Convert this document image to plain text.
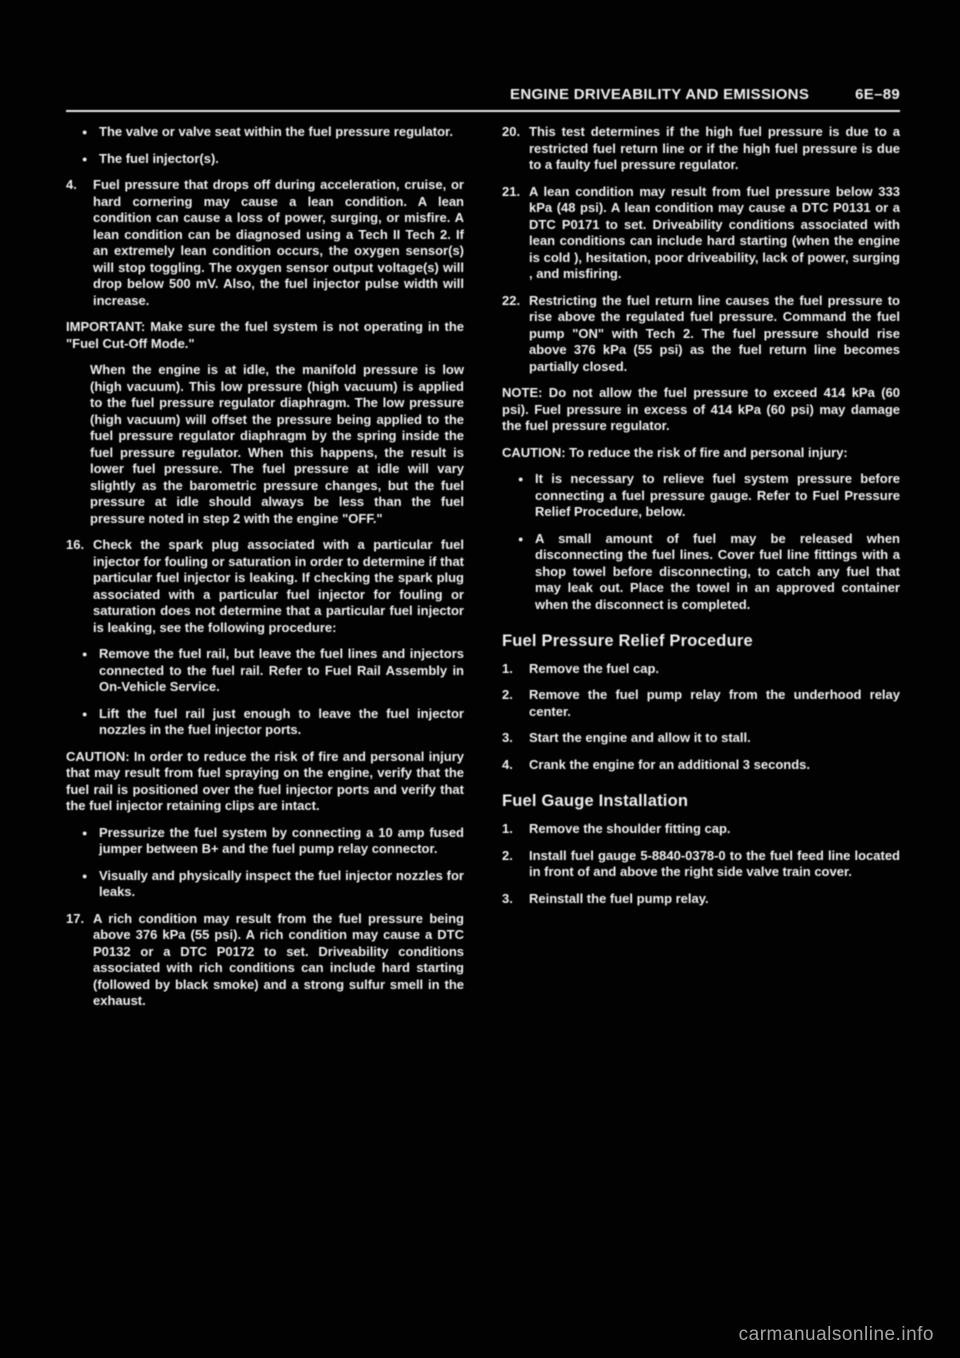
ENGINE DRIVEABILITY AND EMISSIONS	6E–89
● The valve or valve seat within the fuel pressure regulator.
● The fuel injector(s).
4.	Fuel pressure that drops off during acceleration, cruise, or hard cornering may cause a lean condition. A lean condition can cause a loss of power, surging, or misfire. A lean condition can be diagnosed using a Tech II Tech 2. If an extremely lean condition occurs, the oxygen sensor(s) will stop toggling. The oxygen sensor output voltage(s) will drop below 500 mV. Also, the fuel injector pulse width will increase.
IMPORTANT: Make sure the fuel system is not operating in the "Fuel Cut-Off Mode."
When the engine is at idle, the manifold pressure is low (high vacuum). This low pressure (high vacuum) is applied to the fuel pressure regulator diaphragm. The low pressure (high vacuum) will offset the pressure being applied to the fuel pressure regulator diaphragm by the spring inside the fuel pressure regulator. When this happens, the result is lower fuel pressure. The fuel pressure at idle will vary slightly as the barometric pressure changes, but the fuel pressure at idle should always be less than the fuel pressure noted in step 2 with the engine "OFF."
16. Check the spark plug associated with a particular fuel injector for fouling or saturation in order to determine if that particular fuel injector is leaking. If checking the spark plug associated with a particular fuel injector for fouling or saturation does not determine that a particular fuel injector is leaking, see the following procedure:
● Remove the fuel rail, but leave the fuel lines and injectors connected to the fuel rail. Refer to Fuel Rail Assembly in On-Vehicle Service.
● Lift the fuel rail just enough to leave the fuel injector nozzles in the fuel injector ports.
CAUTION: In order to reduce the risk of fire and personal injury that may result from fuel spraying on the engine, verify that the fuel rail is positioned over the fuel injector ports and verify that the fuel injector retaining clips are intact.
● Pressurize the fuel system by connecting a 10 amp fused jumper between B+ and the fuel pump relay connector.
● Visually and physically inspect the fuel injector nozzles for leaks.
17. A rich condition may result from the fuel pressure being above 376 kPa (55 psi). A rich condition may cause a DTC P0132 or a DTC P0172 to set. Driveability conditions associated with rich conditions can include hard starting (followed by black smoke) and a strong sulfur smell in the exhaust.
20. This test determines if the high fuel pressure is due to a restricted fuel return line or if the high fuel pressure is due to a faulty fuel pressure regulator.
21. A lean condition may result from fuel pressure below 333 kPa (48 psi). A lean condition may cause a DTC P0131 or a DTC P0171 to set. Driveability conditions associated with lean conditions can include hard starting (when the engine is cold ), hesitation, poor driveability, lack of power, surging , and misfiring.
22. Restricting the fuel return line causes the fuel pressure to rise above the regulated fuel pressure. Command the fuel pump "ON" with Tech 2. The fuel pressure should rise above 376 kPa (55 psi) as the fuel return line becomes partially closed.
NOTE: Do not allow the fuel pressure to exceed 414 kPa (60 psi). Fuel pressure in excess of 414 kPa (60 psi) may damage the fuel pressure regulator.
CAUTION: To reduce the risk of fire and personal injury:
● It is necessary to relieve fuel system pressure before connecting a fuel pressure gauge. Refer to Fuel Pressure Relief Procedure, below.
● A small amount of fuel may be released when disconnecting the fuel lines. Cover fuel line fittings with a shop towel before disconnecting, to catch any fuel that may leak out. Place the towel in an approved container when the disconnect is completed.
Fuel Pressure Relief Procedure
1.	Remove the fuel cap.
2.	Remove the fuel pump relay from the underhood relay center.
3.	Start the engine and allow it to stall.
4.	Crank the engine for an additional 3 seconds.
Fuel Gauge Installation
1.	Remove the shoulder fitting cap.
2.	Install fuel gauge 5-8840-0378-0 to the fuel feed line located in front of and above the right side valve train cover.
3.	Reinstall the fuel pump relay.
carmanualsonline.info
